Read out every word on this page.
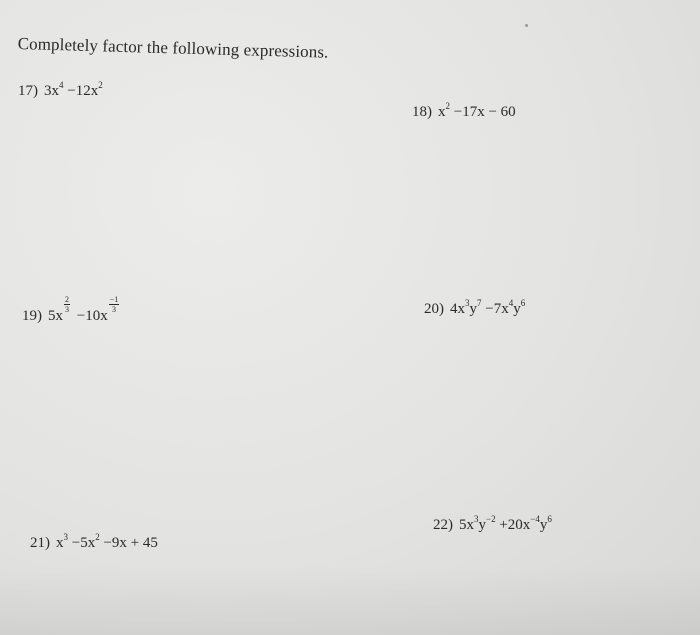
Completely factor the following expressions.

17) $3x^4 -12x^2$

18) $x^2 -17x - 60$

19) 5x
$\frac{2}{3}$
−10x
$\frac{-1}{3}$	20) $4x^3y^7 -7x^4y^6$

21) $x^3 -5x^2 -9x + 45$

22) $5x^3y^{-2} +20x^{-4}y^6$
